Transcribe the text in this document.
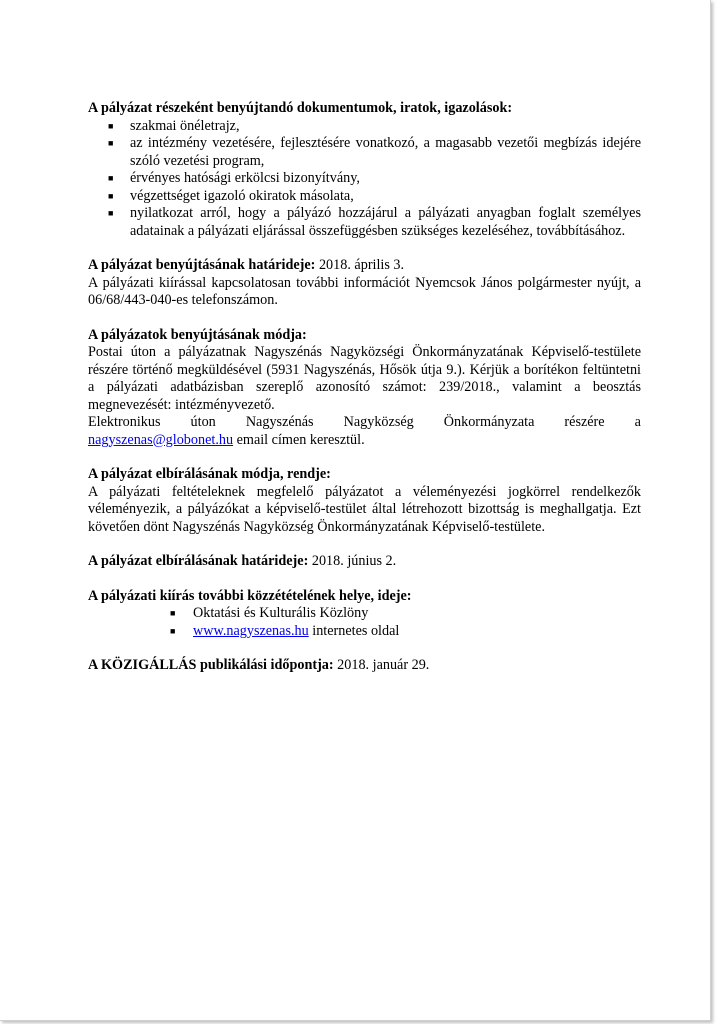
A pályázat részeként benyújtandó dokumentumok, iratok, igazolások:

■ szakmai önéletrajz,
■ az intézmény vezetésére, fejlesztésére vonatkozó, a magasabb vezetői megbízás idejére szóló vezetési program,
■ érvényes hatósági erkölcsi bizonyítvány,
■ végzettséget igazoló okiratok másolata,
■ nyilatkozat arról, hogy a pályázó hozzájárul a pályázati anyagban foglalt személyes adatainak a pályázati eljárással összefüggésben szükséges kezeléséhez, továbbításához.

A pályázat benyújtásának határideje: 2018. április 3.

A pályázati kiírással kapcsolatosan további információt Nyemcsok János polgármester nyújt, a 06/68/443-040-es telefonszámon.

A pályázatok benyújtásának módja:

Postai úton a pályázatnak Nagyszénás Nagyközségi Önkormányzatának Képviselő-testülete részére történő megküldésével (5931 Nagyszénás, Hősök útja 9.). Kérjük a borítékon feltüntetni a pályázati adatbázisban szereplő azonosító számot: 239/2018., valamint a beosztás megnevezését: intézményvezető.

Elektronikus úton Nagyszénás Nagyközség Önkormányzata részére a

nagyszenas@globonet.hu email címen keresztül.

A pályázat elbírálásának módja, rendje:

A pályázati feltételeknek megfelelő pályázatot a véleményezési jogkörrel rendelkezők véleményezik, a pályázókat a képviselő-testület által létrehozott bizottság is meghallgatja. Ezt követően dönt Nagyszénás Nagyközség Önkormányzatának Képviselő-testülete.

A pályázat elbírálásának határideje: 2018. június 2.

A pályázati kiírás további közzétételének helye, ideje:

■ Oktatási és Kulturális Közlöny
■ www.nagyszenas.hu internetes oldal

A KÖZIGÁLLÁS publikálási időpontja: 2018. január 29.
